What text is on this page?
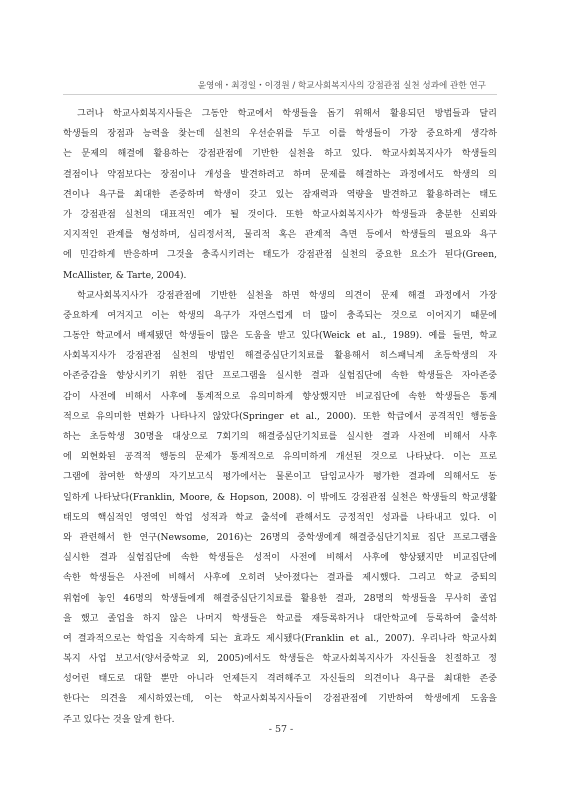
윤영애・최경일・이경원 / 학교사회복지사의 강점관점 실천 성과에 관한 연구

그러나 학교사회복지사들은 그동안 학교에서 학생들을 돕기 위해서 활용되던 방법들과 달리
학생들의 장점과 능력을 찾는데 실천의 우선순위를 두고 이를 학생들이 가장 중요하게 생각하
는 문제의 해결에 활용하는 강점관점에 기반한 실천을 하고 있다. 학교사회복지사가 학생들의
결점이나 약점보다는 장점이나 개성을 발견하려고 하며 문제를 해결하는 과정에서도 학생의 의
견이나 욕구를 최대한 존중하며 학생이 갖고 있는 잠재력과 역량을 발견하고 활용하려는 태도
가 강점관점 실천의 대표적인 예가 될 것이다. 또한 학교사회복지사가 학생들과 충분한 신뢰와
지지적인 관계를 형성하며, 심리정서적, 물리적 혹은 관계적 측면 등에서 학생들의 필요와 욕구
에 민감하게 반응하며 그것을 충족시키려는 태도가 강점관점 실천의 중요한 요소가 된다(Green,
McAllister, & Tarte, 2004).

학교사회복지사가 강점관점에 기반한 실천을 하면 학생의 의견이 문제 해결 과정에서 가장
중요하게 여겨지고 이는 학생의 욕구가 자연스럽게 더 많이 충족되는 것으로 이어지기 때문에
그동안 학교에서 배제됐던 학생들이 많은 도움을 받고 있다(Weick et al., 1989). 예를 들면, 학교
사회복지사가 강점관점 실천의 방법인 해결중심단기치료를 활용해서 히스패닉계 초등학생의 자
아존중감을 향상시키기 위한 집단 프로그램을 실시한 결과 실험집단에 속한 학생들은 자아존중
감이 사전에 비해서 사후에 통계적으로 유의미하게 향상했지만 비교집단에 속한 학생들은 통계
적으로 유의미한 변화가 나타나지 않았다(Springer et al., 2000). 또한 학급에서 공격적인 행동을
하는 초등학생 30명을 대상으로 7회기의 해결중심단기치료를 실시한 결과 사전에 비해서 사후
에 외현화된 공격적 행동의 문제가 통계적으로 유의미하게 개선된 것으로 나타났다. 이는 프로
그램에 참여한 학생의 자기보고식 평가에서는 물론이고 담임교사가 평가한 결과에 의해서도 동
일하게 나타났다(Franklin, Moore, & Hopson, 2008). 이 밖에도 강점관점 실천은 학생들의 학교생활
태도의 핵심적인 영역인 학업 성적과 학교 출석에 관해서도 긍정적인 성과를 나타내고 있다. 이
와 관련해서 한 연구(Newsome, 2016)는 26명의 중학생에게 해결중심단기치료 집단 프로그램을
실시한 결과 실험집단에 속한 학생들은 성적이 사전에 비해서 사후에 향상됐지만 비교집단에
속한 학생들은 사전에 비해서 사후에 오히려 낮아졌다는 결과를 제시했다. 그리고 학교 중퇴의
위험에 놓인 46명의 학생들에게 해결중심단기치료를 활용한 결과, 28명의 학생들을 무사히 졸업
을 했고 졸업을 하지 않은 나머지 학생들은 학교를 재등록하거나 대안학교에 등록하여 출석하
여 결과적으로는 학업을 지속하게 되는 효과도 제시됐다(Franklin et al., 2007). 우리나라 학교사회
복지 사업 보고서(양서중학교 외, 2005)에서도 학생들은 학교사회복지사가 자신들을 친절하고 정
성어린 태도로 대할 뿐만 아니라 언제든지 격려해주고 자신들의 의견이나 욕구를 최대한 존중
한다는 의견을 제시하였는데, 이는 학교사회복지사들이 강점관점에 기반하여 학생에게 도움을
주고 있다는 것을 알게 한다.

- 57 -
